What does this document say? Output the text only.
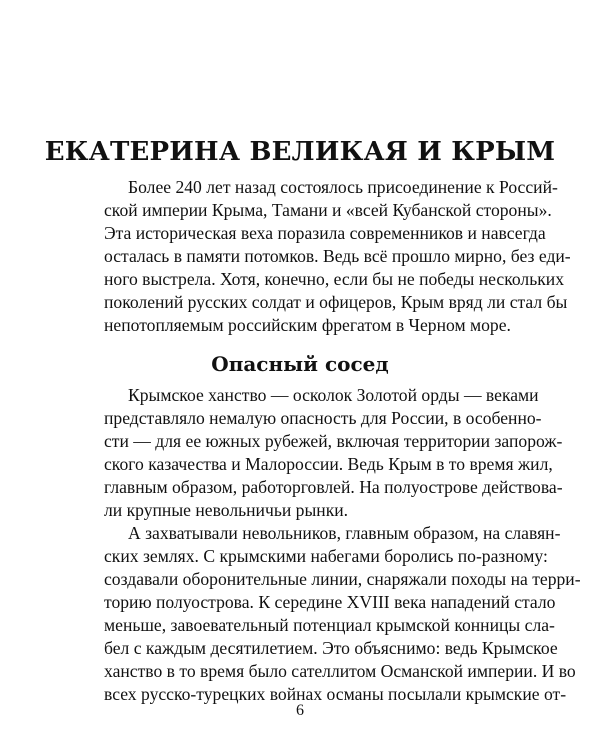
ЕКАТЕРИНА ВЕЛИКАЯ И КРЫМ
Более 240 лет назад состоялось присоединение к Россий-
ской империи Крыма, Тамани и «всей Кубанской стороны».
Эта историческая веха поразила современников и навсегда
осталась в памяти потомков. Ведь всё прошло мирно, без еди-
ного выстрела. Хотя, конечно, если бы не победы нескольких
поколений русских солдат и офицеров, Крым вряд ли стал бы
непотопляемым российским фрегатом в Черном море.
Опасный сосед
Крымское ханство — осколок Золотой орды — веками
представляло немалую опасность для России, в особенно-
сти — для ее южных рубежей, включая территории запорож-
ского казачества и Малороссии. Ведь Крым в то время жил,
главным образом, работорговлей. На полуострове действова-
ли крупные невольничьи рынки.
А захватывали невольников, главным образом, на славян-
ских землях. С крымскими набегами боролись по-разному:
создавали оборонительные линии, снаряжали походы на терри-
торию полуострова. К середине XVIII века нападений стало
меньше, завоевательный потенциал крымской конницы сла-
бел с каждым десятилетием. Это объяснимо: ведь Крымское
ханство в то время было сателлитом Османской империи. И во
всех русско-турецких войнах османы посылали крымские от-
6
